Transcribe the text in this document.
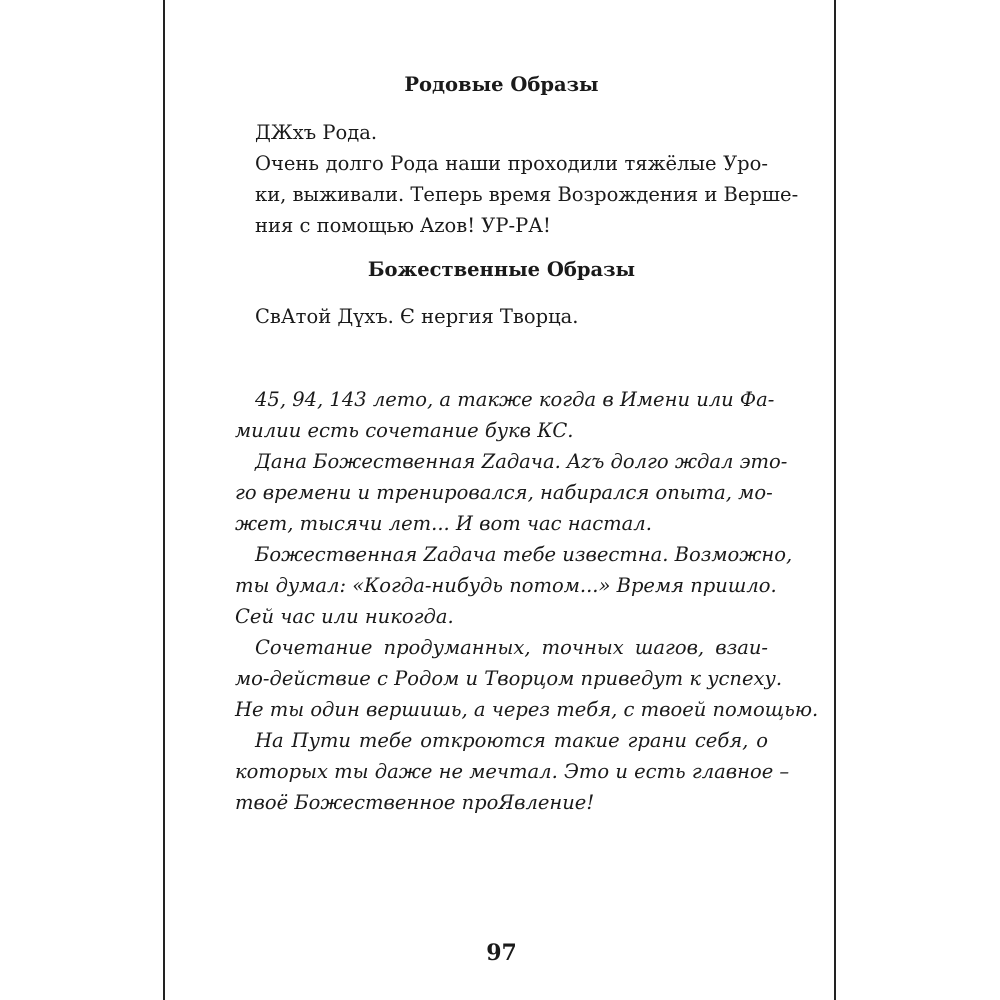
Родовые Образы
ДЖхъ Рода.
Очень долго Рода наши проходили тяжёлые Уро-
ки, выживали. Теперь время Возрождения и Верше-
ния с помощью Azов! УР-РА!
Божественные Образы
СвАтой Дүхъ. Є нергия Творца.
45, 94, 143 лето, а также когда в Имени или Фа-
милии есть сочетание букв КС.
Дана Божественная Zадача. Azъ долго ждал это-
го времени и тренировался, набирался опыта, мо-
жет, тысячи лет... И вот час настал.
Божественная Zадача тебе известна. Возможно,
ты думал: «Когда-нибудь потом...» Время пришло.
Сей час или никогда.
Сочетание продуманных, точных шагов, взаи-
мо-действие с Родом и Творцом приведут к успеху.
Не ты один вершишь, а через тебя, с твоей помощью.
На Пути тебе откроются такие грани себя, о
которых ты даже не мечтал. Это и есть главное –
твоё Божественное проЯвление!
97
